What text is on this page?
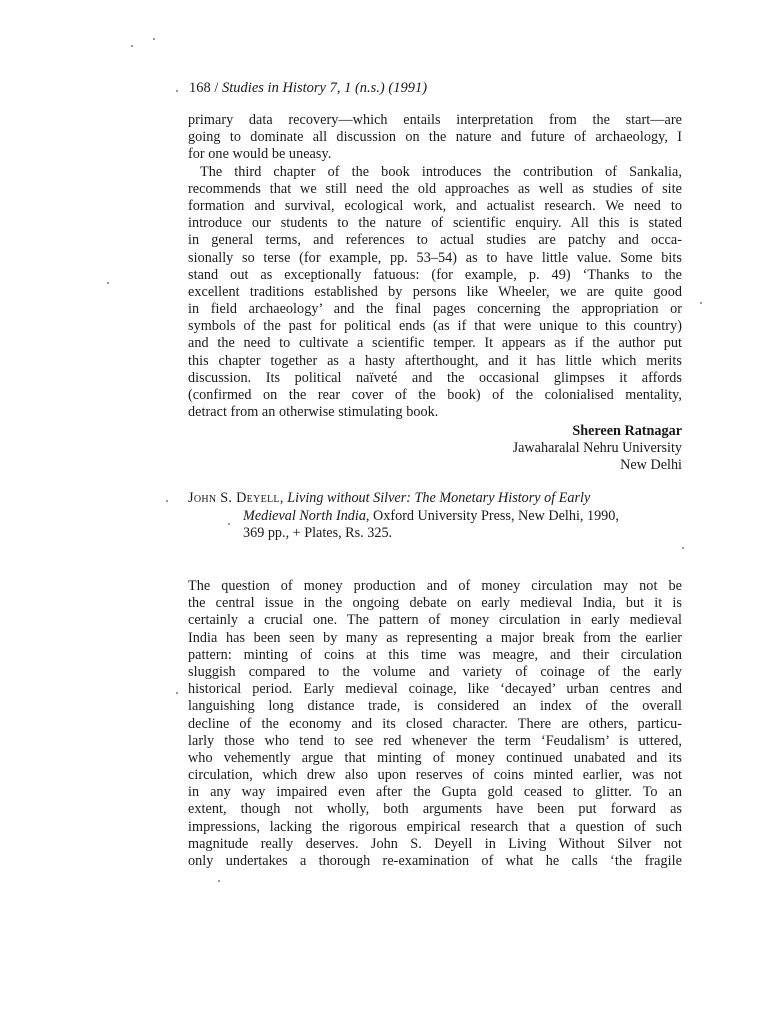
168 / Studies in History 7, 1 (n.s.) (1991)
primary data recovery—which entails interpretation from the start—are
going to dominate all discussion on the nature and future of archaeology, I
for one would be uneasy.
The third chapter of the book introduces the contribution of Sankalia,
recommends that we still need the old approaches as well as studies of site
formation and survival, ecological work, and actualist research. We need to
introduce our students to the nature of scientific enquiry. All this is stated
in general terms, and references to actual studies are patchy and occa-
sionally so terse (for example, pp. 53–54) as to have little value. Some bits
stand out as exceptionally fatuous: (for example, p. 49) ‘Thanks to the
excellent traditions established by persons like Wheeler, we are quite good
in field archaeology’ and the final pages concerning the appropriation or
symbols of the past for political ends (as if that were unique to this country)
and the need to cultivate a scientific temper. It appears as if the author put
this chapter together as a hasty afterthought, and it has little which merits
discussion. Its political naïveté and the occasional glimpses it affords
(confirmed on the rear cover of the book) of the colonialised mentality,
detract from an otherwise stimulating book.
Shereen Ratnagar
Jawaharalal Nehru University
New Delhi
John S. Deyell, Living without Silver: The Monetary History of Early
Medieval North India, Oxford University Press, New Delhi, 1990,
369 pp., + Plates, Rs. 325.
The question of money production and of money circulation may not be
the central issue in the ongoing debate on early medieval India, but it is
certainly a crucial one. The pattern of money circulation in early medieval
India has been seen by many as representing a major break from the earlier
pattern: minting of coins at this time was meagre, and their circulation
sluggish compared to the volume and variety of coinage of the early
historical period. Early medieval coinage, like ‘decayed’ urban centres and
languishing long distance trade, is considered an index of the overall
decline of the economy and its closed character. There are others, particu-
larly those who tend to see red whenever the term ‘Feudalism’ is uttered,
who vehemently argue that minting of money continued unabated and its
circulation, which drew also upon reserves of coins minted earlier, was not
in any way impaired even after the Gupta gold ceased to glitter. To an
extent, though not wholly, both arguments have been put forward as
impressions, lacking the rigorous empirical research that a question of such
magnitude really deserves. John S. Deyell in Living Without Silver not
only undertakes a thorough re-examination of what he calls ‘the fragile
